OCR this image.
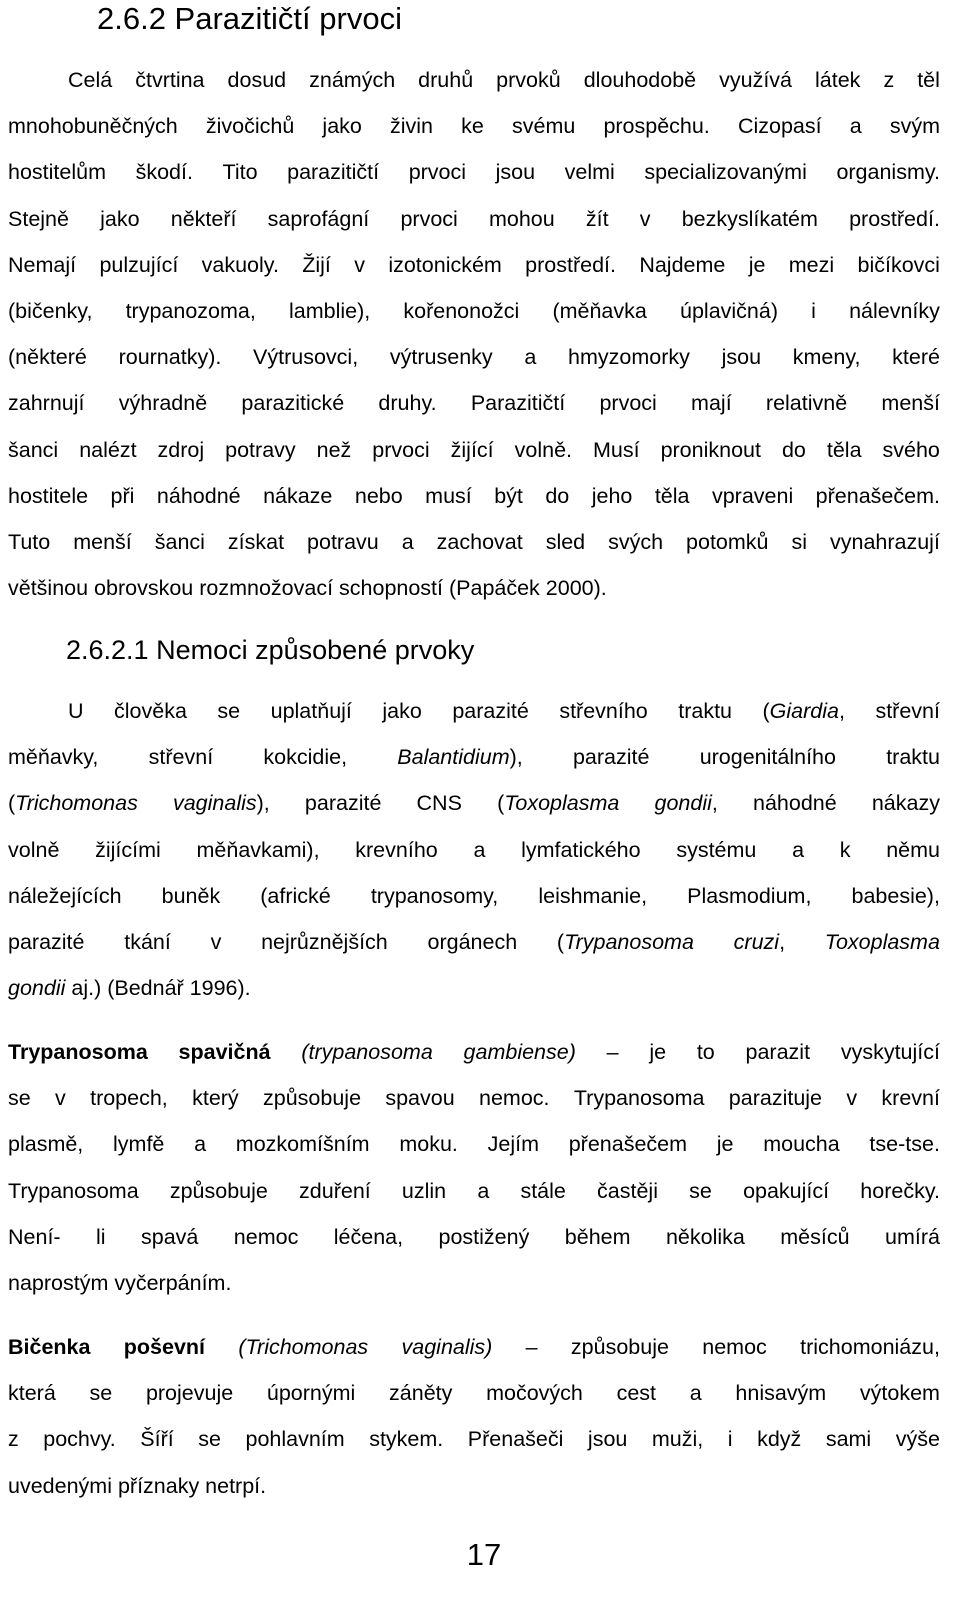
2.6.2 Parazitičtí prvoci
Celá čtvrtina dosud známých druhů prvoků dlouhodobě využívá látek z těl
mnohobuněčných živočichů jako živin ke svému prospěchu. Cizopasí a svým
hostitelům škodí. Tito parazitičtí prvoci jsou velmi specializovanými organismy.
Stejně jako někteří saprofágní prvoci mohou žít v bezkyslíkatém prostředí.
Nemají pulzující vakuoly. Žijí v izotonickém prostředí. Najdeme je mezi bičíkovci
(bičenky, trypanozoma, lamblie), kořenonožci (měňavka úplavičná) i nálevníky
(některé rournatky). Výtrusovci, výtrusenky a hmyzomorky jsou kmeny, které
zahrnují výhradně parazitické druhy. Parazitičtí prvoci mají relativně menší
šanci nalézt zdroj potravy než prvoci žijící volně. Musí proniknout do těla svého
hostitele při náhodné nákaze nebo musí být do jeho těla vpraveni přenašečem.
Tuto menší šanci získat potravu a zachovat sled svých potomků si vynahrazují
většinou obrovskou rozmnožovací schopností (Papáček 2000).
2.6.2.1 Nemoci způsobené prvoky
U člověka se uplatňují jako parazité střevního traktu (Giardia, střevní
měňavky, střevní kokcidie, Balantidium), parazité urogenitálního traktu
(Trichomonas vaginalis), parazité CNS (Toxoplasma gondii, náhodné nákazy
volně žijícími měňavkami), krevního a lymfatického systému a k němu
náležejících buněk (africké trypanosomy, leishmanie, Plasmodium, babesie),
parazité tkání v nejrůznějších orgánech (Trypanosoma cruzi, Toxoplasma
gondii aj.) (Bednář 1996).
Trypanosoma spavičná (trypanosoma gambiense) – je to parazit vyskytující
se v tropech, který způsobuje spavou nemoc. Trypanosoma parazituje v krevní
plasmě, lymfě a mozkomíšním moku. Jejím přenašečem je moucha tse-tse.
Trypanosoma způsobuje zduření uzlin a stále častěji se opakující horečky.
Není- li spavá nemoc léčena, postižený během několika měsíců umírá
naprostým vyčerpáním.
Bičenka poševní (Trichomonas vaginalis) – způsobuje nemoc trichomoniázu,
která se projevuje úpornými záněty močových cest a hnisavým výtokem
z pochvy. Šíří se pohlavním stykem. Přenašeči jsou muži, i když sami výše
uvedenými příznaky netrpí.
17
